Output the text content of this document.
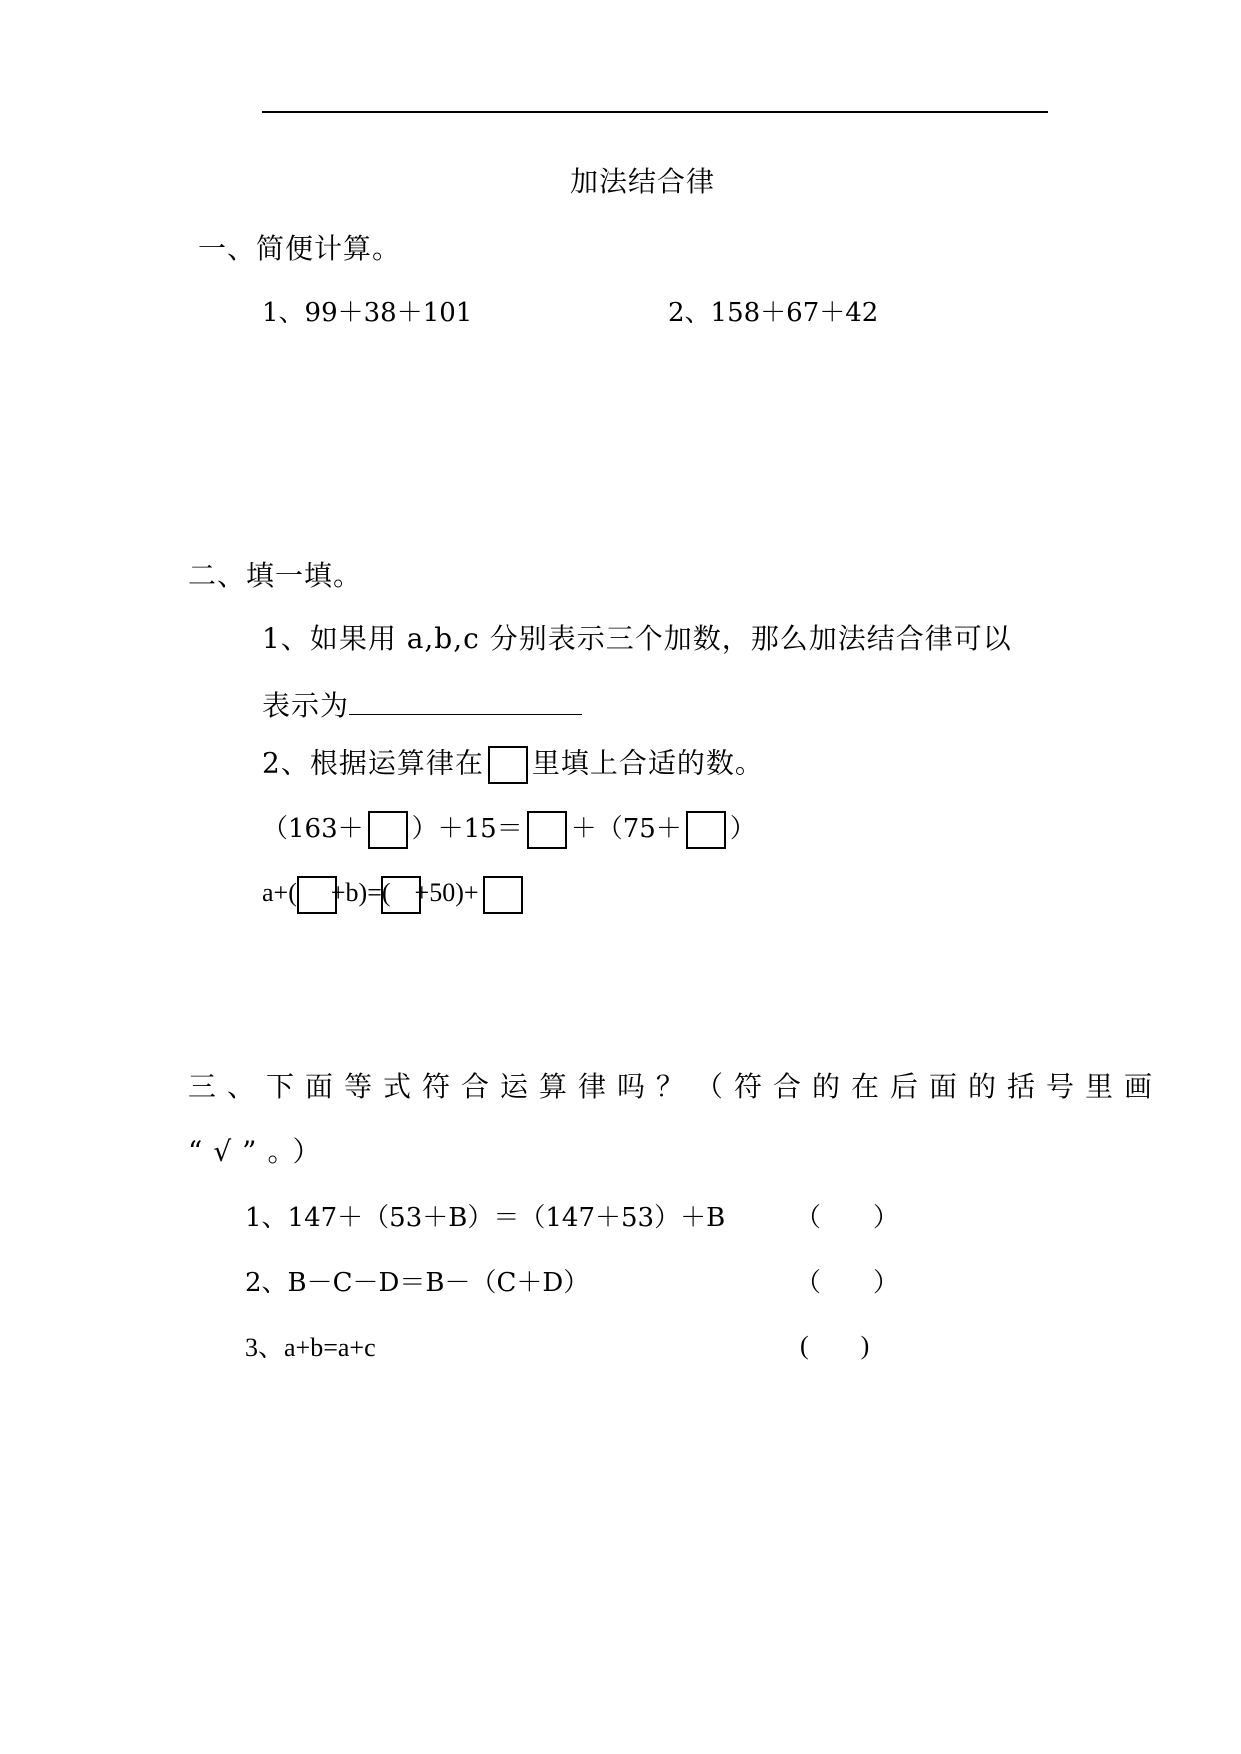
加法结合律
一、简便计算。
1、99＋38＋101	2、158＋67＋42
二、填一填。
1、如果用 a,b,c 分别表示三个加数，那么加法结合律可以
表示为
2、根据运算律在 里填上合适的数。
（163＋ ）＋15＝ ＋（75＋ ）
a+( +b)=( +50)+
三、下面等式符合运算律吗？（符合的在后面的括号里画
“√”。）
1、147＋（53＋B）＝（147＋53）＋B	（　　）
2、B－C－D＝B－（C＋D）	（　　）
3、a+b=a+c	(　　)
